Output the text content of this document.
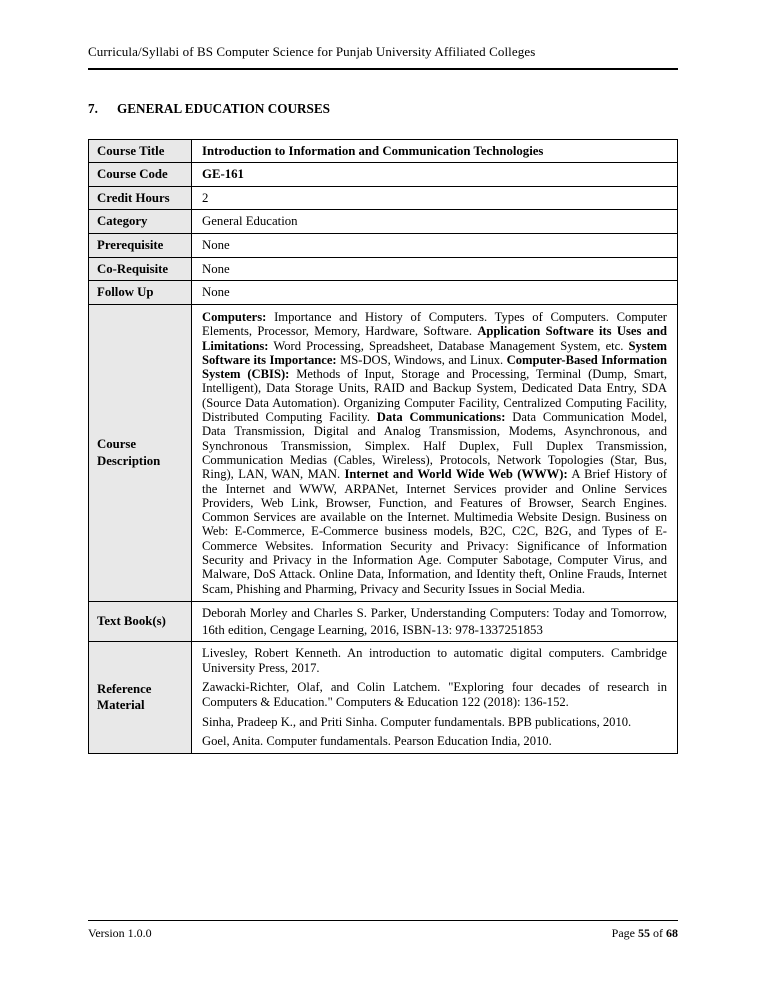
Curricula/Syllabi of BS Computer Science for Punjab University Affiliated Colleges
7. GENERAL EDUCATION COURSES
Course Title	Introduction to Information and Communication Technologies
Course Code	GE-161
Credit Hours	2
Category	General Education
Prerequisite	None
Co-Requisite	None
Follow Up	None
Course Description	Computers: Importance and History of Computers. Types of Computers. Computer Elements, Processor, Memory, Hardware, Software. Application Software its Uses and Limitations: Word Processing, Spreadsheet, Database Management System, etc. System Software its Importance: MS-DOS, Windows, and Linux. Computer-Based Information System (CBIS): Methods of Input, Storage and Processing, Terminal (Dump, Smart, Intelligent), Data Storage Units, RAID and Backup System, Dedicated Data Entry, SDA (Source Data Automation). Organizing Computer Facility, Centralized Computing Facility, Distributed Computing Facility. Data Communications: Data Communication Model, Data Transmission, Digital and Analog Transmission, Modems, Asynchronous, and Synchronous Transmission, Simplex. Half Duplex, Full Duplex Transmission, Communication Medias (Cables, Wireless), Protocols, Network Topologies (Star, Bus, Ring), LAN, WAN, MAN. Internet and World Wide Web (WWW): A Brief History of the Internet and WWW, ARPANet, Internet Services provider and Online Services Providers, Web Link, Browser, Function, and Features of Browser, Search Engines. Common Services are available on the Internet. Multimedia Website Design. Business on Web: E-Commerce, E-Commerce business models, B2C, C2C, B2G, and Types of E-Commerce Websites. Information Security and Privacy: Significance of Information Security and Privacy in the Information Age. Computer Sabotage, Computer Virus, and Malware, DoS Attack. Online Data, Information, and Identity theft, Online Frauds, Internet Scam, Phishing and Pharming, Privacy and Security Issues in Social Media.
Text Book(s)	Deborah Morley and Charles S. Parker, Understanding Computers: Today and Tomorrow, 16th edition, Cengage Learning, 2016, ISBN-13: 978-1337251853
Reference Material	Livesley, Robert Kenneth. An introduction to automatic digital computers. Cambridge University Press, 2017.

Zawacki-Richter, Olaf, and Colin Latchem. "Exploring four decades of research in Computers & Education." Computers & Education 122 (2018): 136-152.

Sinha, Pradeep K., and Priti Sinha. Computer fundamentals. BPB publications, 2010.

Goel, Anita. Computer fundamentals. Pearson Education India, 2010.

Version 1.0.0	Page 55 of 68
